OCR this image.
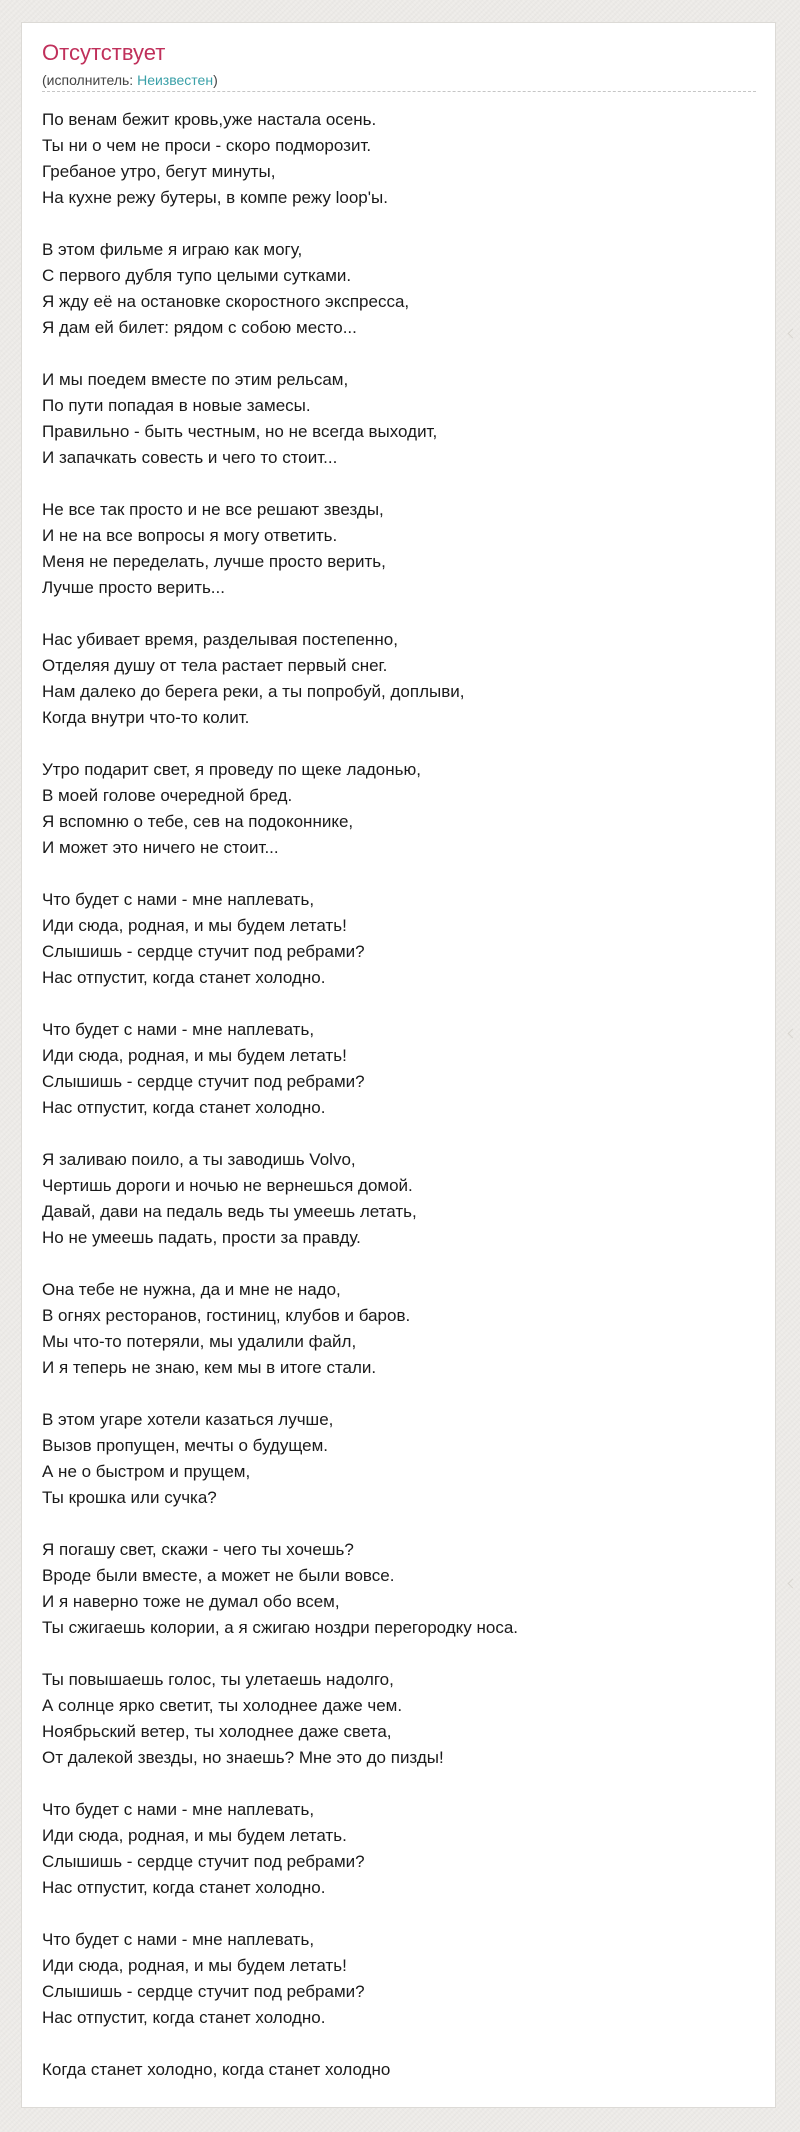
Отсутствует

(исполнитель: Неизвестен)

По венам бежит кровь,уже настала осень.
Ты ни о чем не проси - скоро подморозит.
Гребаное утро, бегут минуты,
На кухне режу бутеры, в компе режу loop'ы.
В этом фильме я играю как могу,
С первого дубля тупо целыми сутками.
Я жду её на остановке скоростного экспресса,
Я дам ей билет: рядом с собою место...
И мы поедем вместе по этим рельсам,
По пути попадая в новые замесы.
Правильно - быть честным, но не всегда выходит,
И запачкать совесть и чего то стоит...
Не все так просто и не все решают звезды,
И не на все вопросы я могу ответить.
Меня не переделать, лучше просто верить,
Лучше просто верить...
Нас убивает время, разделывая постепенно,
Отделяя душу от тела растает первый снег.
Нам далеко до берега реки, а ты попробуй, доплыви,
Когда внутри что-то колит.
Утро подарит свет, я проведу по щеке ладонью,
В моей голове очередной бред.
Я вспомню о тебе, сев на подоконнике,
И может это ничего не стоит...
Что будет с нами - мне наплевать,
Иди сюда, родная, и мы будем летать!
Слышишь - сердце стучит под ребрами?
Нас отпустит, когда станет холодно.
Что будет с нами - мне наплевать,
Иди сюда, родная, и мы будем летать!
Слышишь - сердце стучит под ребрами?
Нас отпустит, когда станет холодно.
Я заливаю поило, а ты заводишь Volvo,
Чертишь дороги и ночью не вернешься домой.
Давай, дави на педаль ведь ты умеешь летать,
Но не умеешь падать, прости за правду.
Она тебе не нужна, да и мне не надо,
В огнях ресторанов, гостиниц, клубов и баров.
Мы что-то потеряли, мы удалили файл,
И я теперь не знаю, кем мы в итоге стали.
В этом угаре хотели казаться лучше,
Вызов пропущен, мечты о будущем.
А не о быстром и прущем,
Ты крошка или сучка?
Я погашу свет, скажи - чего ты хочешь?
Вроде были вместе, а может не были вовсе.
И я наверно тоже не думал обо всем,
Ты сжигаешь колории, а я сжигаю ноздри перегородку носа.
Ты повышаешь голос, ты улетаешь надолго,
А солнце ярко светит, ты холоднее даже чем.
Ноябрьский ветер, ты холоднее даже света,
От далекой звезды, но знаешь? Мне это до пизды!
Что будет с нами - мне наплевать,
Иди сюда, родная, и мы будем летать.
Слышишь - сердце стучит под ребрами?
Нас отпустит, когда станет холодно.
Что будет с нами - мне наплевать,
Иди сюда, родная, и мы будем летать!
Слышишь - сердце стучит под ребрами?
Нас отпустит, когда станет холодно.
Когда станет холодно, когда станет холодно
